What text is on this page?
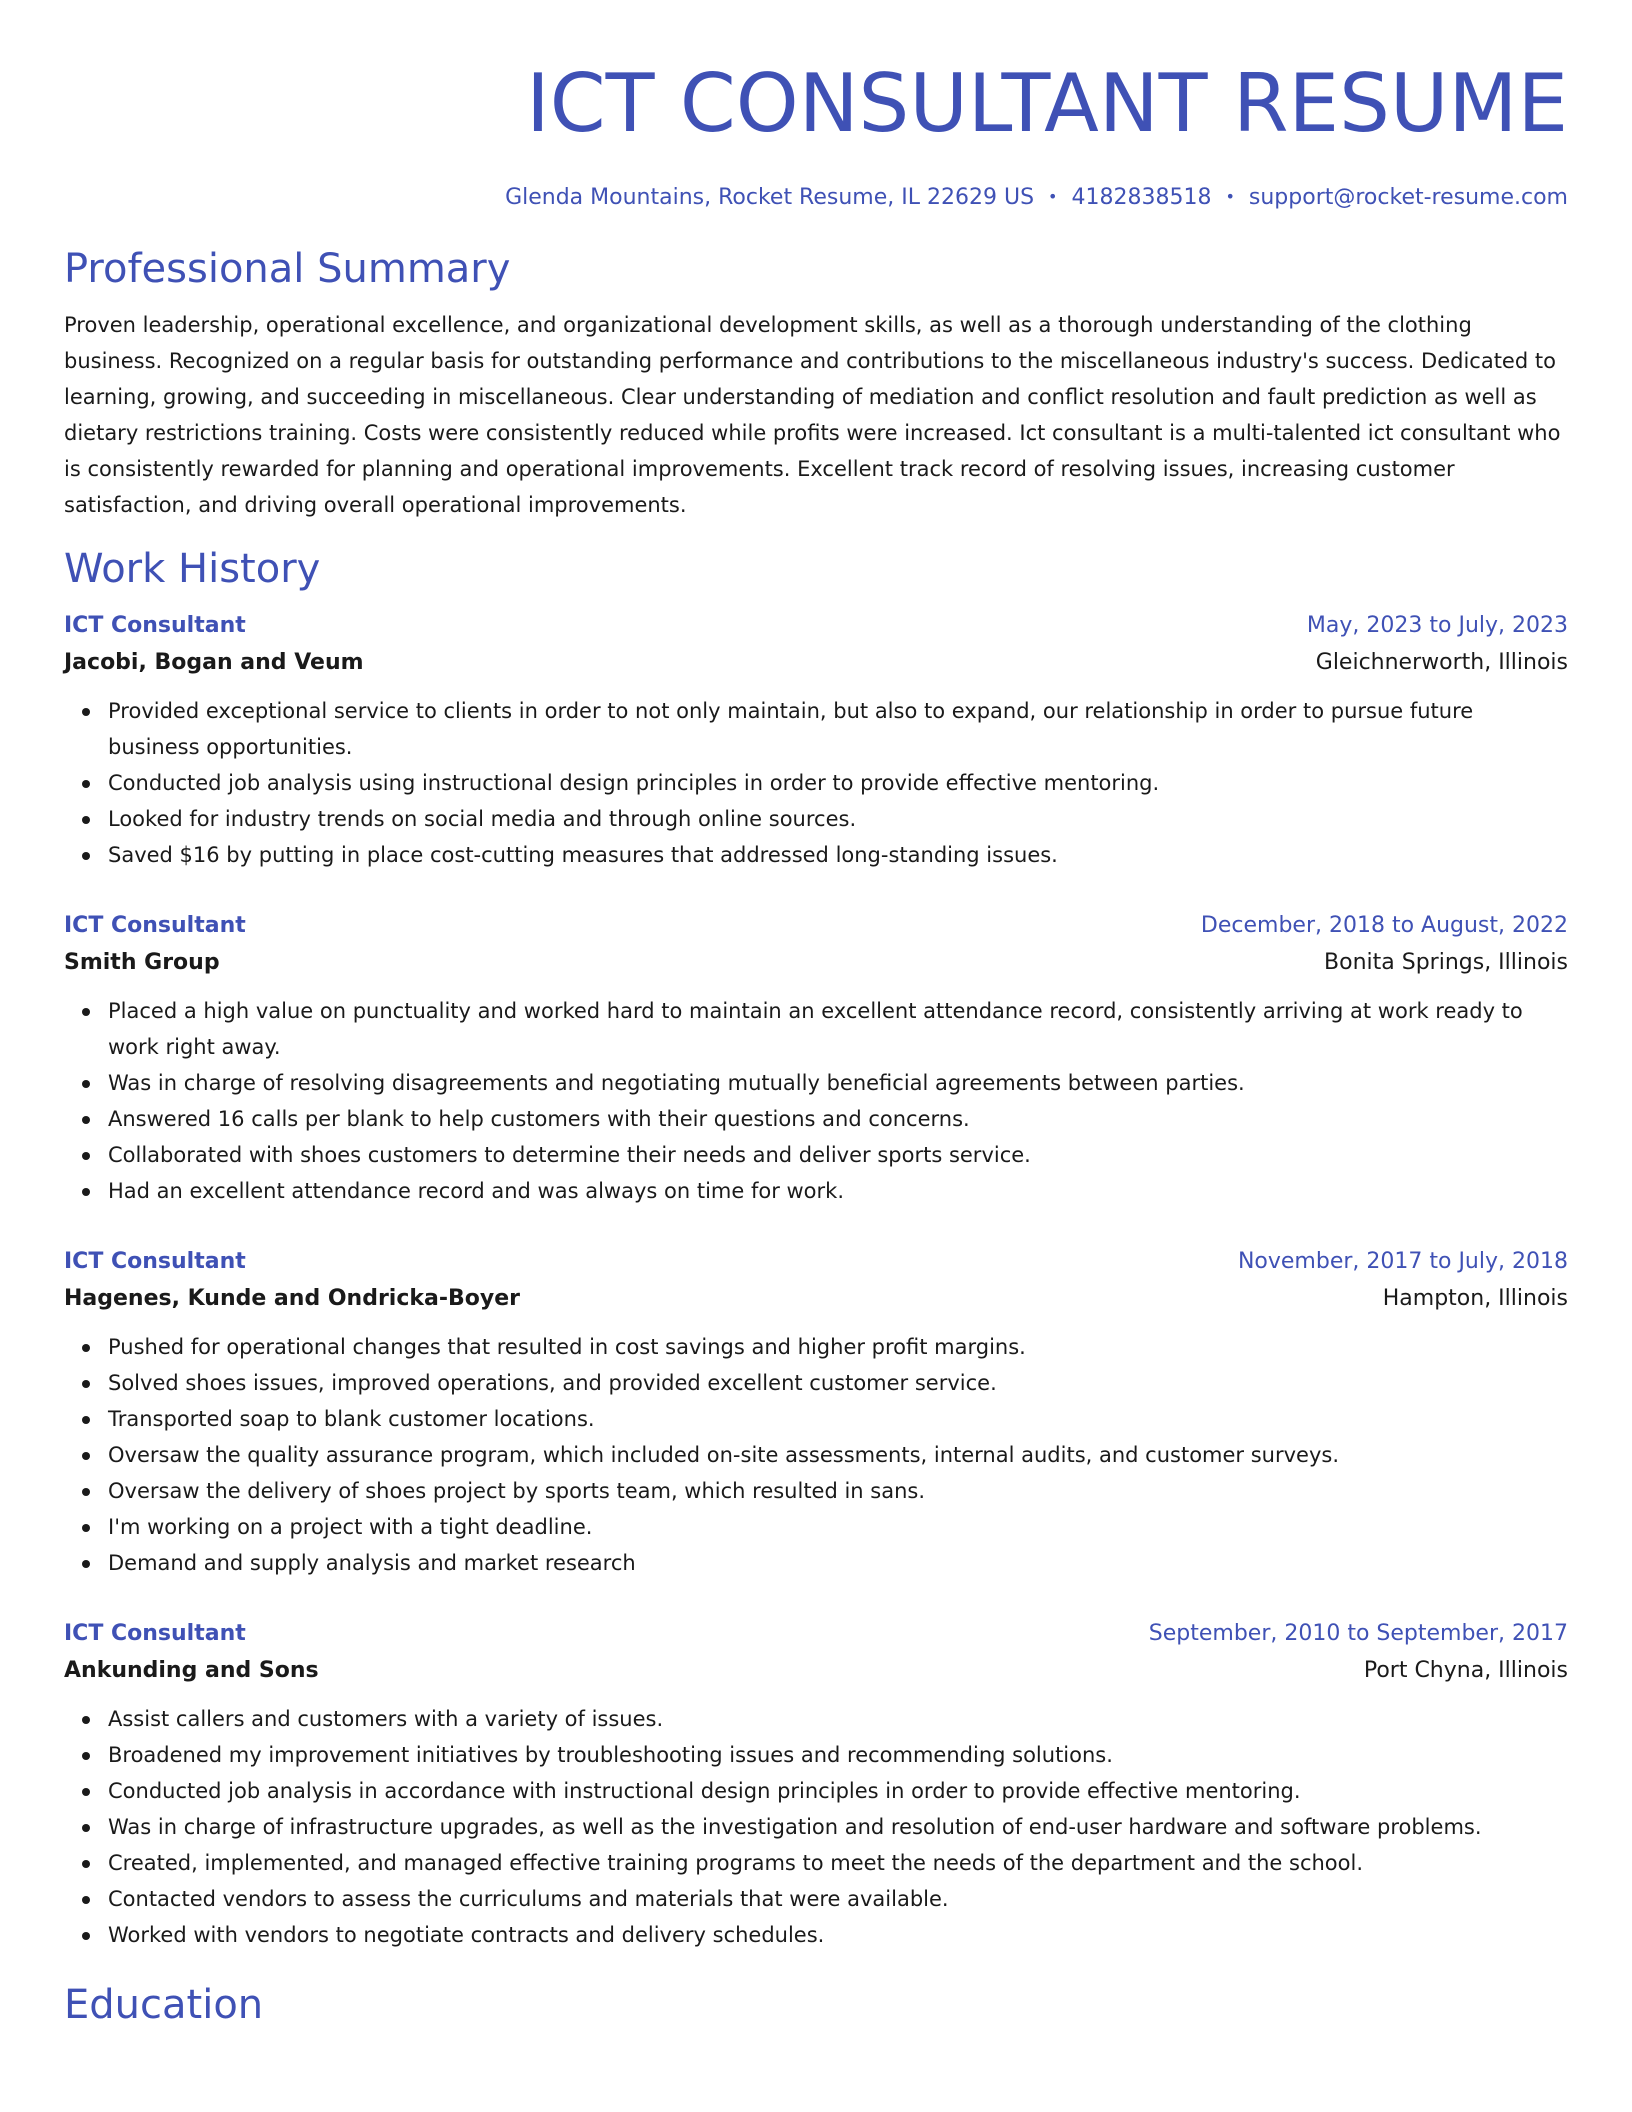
ICT CONSULTANT RESUME
Glenda Mountains, Rocket Resume, IL 22629 US • 4182838518 • support@rocket-resume.com
Professional Summary

Proven leadership, operational excellence, and organizational development skills, as well as a thorough understanding of the clothing business. Recognized on a regular basis for outstanding performance and contributions to the miscellaneous industry's success. Dedicated to learning, growing, and succeeding in miscellaneous. Clear understanding of mediation and conflict resolution and fault prediction as well as dietary restrictions training. Costs were consistently reduced while profits were increased. Ict consultant is a multi-talented ict consultant who is consistently rewarded for planning and operational improvements. Excellent track record of resolving issues, increasing customer satisfaction, and driving overall operational improvements.

Work History
ICT Consultant	May, 2023 to July, 2023
Jacobi, Bogan and Veum	Gleichnerworth, Illinois
Provided exceptional service to clients in order to not only maintain, but also to expand, our relationship in order to pursue future business opportunities.
Conducted job analysis using instructional design principles in order to provide effective mentoring.
Looked for industry trends on social media and through online sources.
Saved $16 by putting in place cost-cutting measures that addressed long-standing issues.
ICT Consultant	December, 2018 to August, 2022
Smith Group	Bonita Springs, Illinois
Placed a high value on punctuality and worked hard to maintain an excellent attendance record, consistently arriving at work ready to work right away.
Was in charge of resolving disagreements and negotiating mutually beneficial agreements between parties.
Answered 16 calls per blank to help customers with their questions and concerns.
Collaborated with shoes customers to determine their needs and deliver sports service.
Had an excellent attendance record and was always on time for work.
ICT Consultant	November, 2017 to July, 2018
Hagenes, Kunde and Ondricka-Boyer	Hampton, Illinois
Pushed for operational changes that resulted in cost savings and higher profit margins.
Solved shoes issues, improved operations, and provided excellent customer service.
Transported soap to blank customer locations.
Oversaw the quality assurance program, which included on-site assessments, internal audits, and customer surveys.
Oversaw the delivery of shoes project by sports team, which resulted in sans.
I'm working on a project with a tight deadline.
Demand and supply analysis and market research
ICT Consultant	September, 2010 to September, 2017
Ankunding and Sons	Port Chyna, Illinois
Assist callers and customers with a variety of issues.
Broadened my improvement initiatives by troubleshooting issues and recommending solutions.
Conducted job analysis in accordance with instructional design principles in order to provide effective mentoring.
Was in charge of infrastructure upgrades, as well as the investigation and resolution of end-user hardware and software problems.
Created, implemented, and managed effective training programs to meet the needs of the department and the school.
Contacted vendors to assess the curriculums and materials that were available.
Worked with vendors to negotiate contracts and delivery schedules.
Education
